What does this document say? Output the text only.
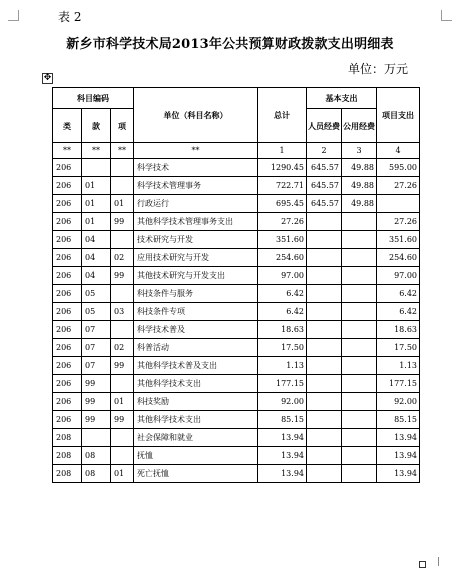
表 2
新乡市科学技术局2013年公共预算财政拨款支出明细表
单位：万元
✥
科目编码			单位（科目名称）	总计	基本支出		项目支出
类	款	项			人员经费	公用经费	
**	**	**	**	1	2	3	4
206			科学技术	1290.45	645.57	49.88	595.00
206	01		科学技术管理事务	722.71	645.57	49.88	27.26
206	01	01	行政运行	695.45	645.57	49.88	
206	01	99	其他科学技术管理事务支出	27.26			27.26
206	04		技术研究与开发	351.60			351.60
206	04	02	应用技术研究与开发	254.60			254.60
206	04	99	其他技术研究与开发支出	97.00			97.00
206	05		科技条件与服务	6.42			6.42
206	05	03	科技条件专项	6.42			6.42
206	07		科学技术普及	18.63			18.63
206	07	02	科普活动	17.50			17.50
206	07	99	其他科学技术普及支出	1.13			1.13
206	99		其他科学技术支出	177.15			177.15
206	99	01	科技奖励	92.00			92.00
206	99	99	其他科学技术支出	85.15			85.15
208			社会保障和就业	13.94			13.94
208	08		抚恤	13.94			13.94
208	08	01	死亡抚恤	13.94			13.94
